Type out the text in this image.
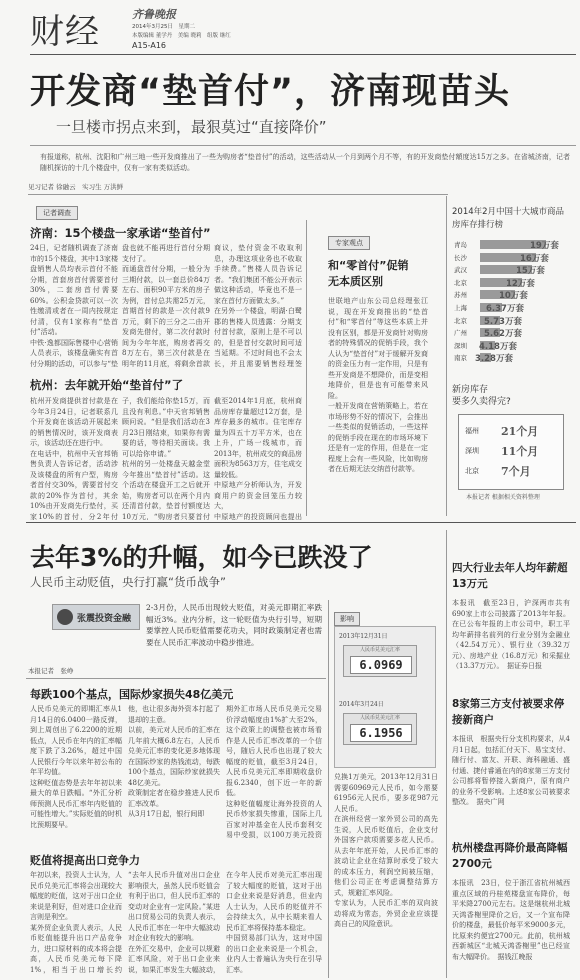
财经	齐鲁晚报
2014年3月25日　星期二
本版编辑 董学丹　美编 晓莉　组版 继红
A15-A16
开发商“垫首付”，济南现苗头
一旦楼市拐点来到，最狠莫过“直接降价”
有报道称，杭州、沈阳和广州三地一些开发商推出了一些为购房者“垫首付”的活动，这些活动从一个月到两个月不等，有的开发商垫付額度达15万之多。在省城济南，记者随机探访的十几个楼盘中，仅有一家有类似活动。
见习记者 徐融云　实习生 万洪鲜
记者调查
济南：15个楼盘一家承诺“垫首付”
24日，记者随机调查了济南市的15个楼盘，其中13家楼盘销售人员均表示首付不能分期，首套房首付需要首付30%，二套房首付需要60%。公积金贷款可以一次性缴清或者在一周内按规定付清，仅有1家称有“垫首付”活动。
中铁·逸都国际售楼中心营销人员表示，该楼盘确实有首付分期的活动，可以参与“垫
盘也就不能再进行首付分期支付了。
而通盘首付分期，一般分为三期付款，以一套总价84万左右、面积90平方米的房子为例，首付总共需25万元，首期首付的款是一次付款9万元，剩下的三分之二由开发商先借付，第二次付款时间为今年年底，购房者再交8万左右，第三次付款是在明年的11月底，将剩余首款

商议，垫付资金不收取利息，办理这项业务也不收取手续费。”售楼人员告诉记者。“我们集团不能公开表示做这种活动，毕竟也不是一家在首付方面做太多。”
在另外一个楼盘，明湖·白鹭郡的售楼人员透露：分期支付首付款，原则上是不可以的，但是首付交款时间可适当延期。不过时间也不会太长，并且需要销售经理签
专家观点
和“零首付”促销无本质区别
世联地产山东公司总经理张江说，现在开发商推出的“垫首付”和“零首付”等这些本质上并没有区别，都是开发商针对购房者的特殊情况的促销手段，我个人认为“垫首付”对于缓解开发商的资金压力有一定作用，只是有些开发商是不想降价，而是变相地降价，但是也有可能带来风险。
一般开发商在营销策略上，若在市场形势不好的情况下，会推出一些类似的促销活动，一些这样的促销手段在现在的市场环境下还是有一定的作用，但是在一定程度上会有一些风险，比如购房者在后期无法交纳首付款等。
杭州：去年就开始“垫首付”了
杭州开发商提供首付款是在今年3月24日，记者联系几个开发商在该活动开展起来的销售情况时，该开发商表示，该活动还在进行中。
在电话中，杭州中天官邦销售负责人告诉记者，活动涉及该楼盘的所有户型，购房者首付交30%，需要首付交款的20%作为首付，其余10%由开发商先行垫付，买家10%的首付，分2年付

子，我们能给你垫15万，而且没有利息。”中天官邦销售顾问说。“但是我们活动在3月23日刚结束，如果你有需要的话，等待相关面谈。我可以给你申请。”
杭州的另一处楼盘天越金堂今年推出“垫首付”活动。这个活动在楼盘开工之后就开始，购房者可以在两个月内还清首付款，垫首付额度达10万元，“购房者只要首付

截至2014年1月底，杭州商品房库存量超过12万套，是库存最多的城市。住宅库存量为四五十万平方米，也在上升，广场一线城市，而2013年，杭州成交的商品房面积为8563万方，住宅成交量较低。
中原地产分析师认为，开发商用户的资金回笼压力较大，
中原地产的投资顾问也提出
2014年2月中国十大城市商品房库存排行榜
新房库存
要多久卖得完?
福州 21个月
深圳 11个月
北京 7个月
本报记者 根据相关资料整理
去年3%的升幅，如今已跌没了
人民币主动贬值，央行打赢“货币战争”
张震投资金融
2-3月份，人民币出现较大贬值，对美元即期汇率跌幅近3%。业内分析，这一轮贬值为央行引导，短期要掌控人民币贬值需要花功夫，同时政策制定者也需要在人民币汇率波动中稳步推进。
本报记者　张峥
每跌100个基点，国际炒家损失48亿美元
人民币兑美元的即期汇率从1月14日的6.0400一路反弹，到上周创出了6.2200的近期低点，人民币在年内的汇率幅度下跌了3.26%，超过中国人民银行今年以来年初公布的年平均值。
这种贬值态势是去年年初以来最大的单日跌幅。“外汇分析师预测人民币汇率年内贬值的可能性增大。”实际贬值的时机比预期要早。
他，也让很多海外资本打起了退却的主意。
以前，美元对人民币的汇率在几年前大概6.8左右，人民币兑美元汇率的变化更多地体现在国际炒家的热钱流动，每跌100个基点，国际炒家就损失48亿美元。
政策制定者在稳步推进人民币汇率改革。
从3月17日起，银行间即
期外汇市场人民币兑美元交易价浮动幅度由1%扩大至2%，这个政策上的调整也被市场看作是人民币汇率改革的一个信号，随后人民币也出现了较大幅度的贬值，截至3月24日，人民币兑美元汇率即期收盘价报6.2340，创下近一年的新低。
这种贬值幅度让海外投资的人民币炒家损失惨重，国际上几百家对冲基金在人民币套利交易中受损，以100万美元投资
贬值将提高出口竞争力
年初以来，投资人士认为，人民币兑美元汇率将会出现较大幅度的贬值，这对于出口企业来说是利好，但对进口企业而言则是利空。
某外贸企业负责人表示，人民币贬值能提升出口产品竞争力，进口原材料的成本将会提高，人民币兑美元每下降1%，相当于出口增长约
“去年人民币升值对出口企业影响很大，虽然人民币贬值会有利于出口，但人民币汇率的变动对企业有一定风险。”某进出口贸易公司的负责人表示，人民币汇率在一年中大幅波动对企业有较大的影响。
在外汇交易中，企业可以规避汇率风险，对于出口企业来说，如果汇率发生大幅波动，
在今年人民币对美元汇率出现了较大幅度的贬值，这对于出口企业来说是好消息，但业内人士认为，人民币的贬值并不会持续太久，从中长期来看人民币汇率将保持基本稳定。
中国贸易部门认为，这对中国的出口企业来说是一个机会，业内人士普遍认为央行在引导汇率。
影响
2013年12月31日
人民币兑美元汇率
6.0969
2014年3月24日
人民币兑美元汇率
6.1956
兑换1万美元，2013年12月31日需要60969元人民币，如今需要61956元人民币，要多花987元人民币。
在滨州经营一家外贸公司的高先生说，人民币贬值后，企业支付外国客户款项需要多花人民币。从去年年底开始，人民币汇率的波动让企业在结算时承受了较大的成本压力，利润空间被压缩，他们公司正在考虑调整结算方式，规避汇率风险。
专家认为，人民币汇率的双向波动将成为常态，外贸企业应该提高自己的风险意识。
四大行业去年人均年薪超13万元
本报讯　截至23日，沪深两市共有690家上市公司披露了2013年年报。在已公布年报的上市公司中，职工平均年薪排名前列的行业分别为金融业（42.54万元）、银行业（39.32万元）、房地产业（16.8万元）和采掘业（13.37万元）。　据证券日报
8家第三方支付被要求停接新商户
本报讯　根据央行分支机构要求，从4月1日起，包括汇付天下、易宝支付、随行付、富友、开联、海科融通、盛付通、捷付睿通在内的8家第三方支付公司都将暂停接入新商户，原有商户的业务不受影响。上述8家公司被要求整改。　据央广网
杭州楼盘再降价最高降幅2700元
本报讯　23日，位于浙江省杭州城西重点区域的丹桂苑楼盘宣布降价，每平米降2700元左右。这是继杭州北城天鸿香榭里降价之后，又一个宣布降价的楼盘，最低价每平米9000多元，比原来约便宜2700元。此前，杭州城西新城区“北城天鸿香榭里”也已经宣布大幅降价。　据钱江晚报
青岛	19万套
长沙	16万套
武汉	15万套
北京	12万套
苏州	10万套
上海	6.37万套
北京	5.73万套
广州	5.62万套
深圳	4.18万套
南京 3.28万套
